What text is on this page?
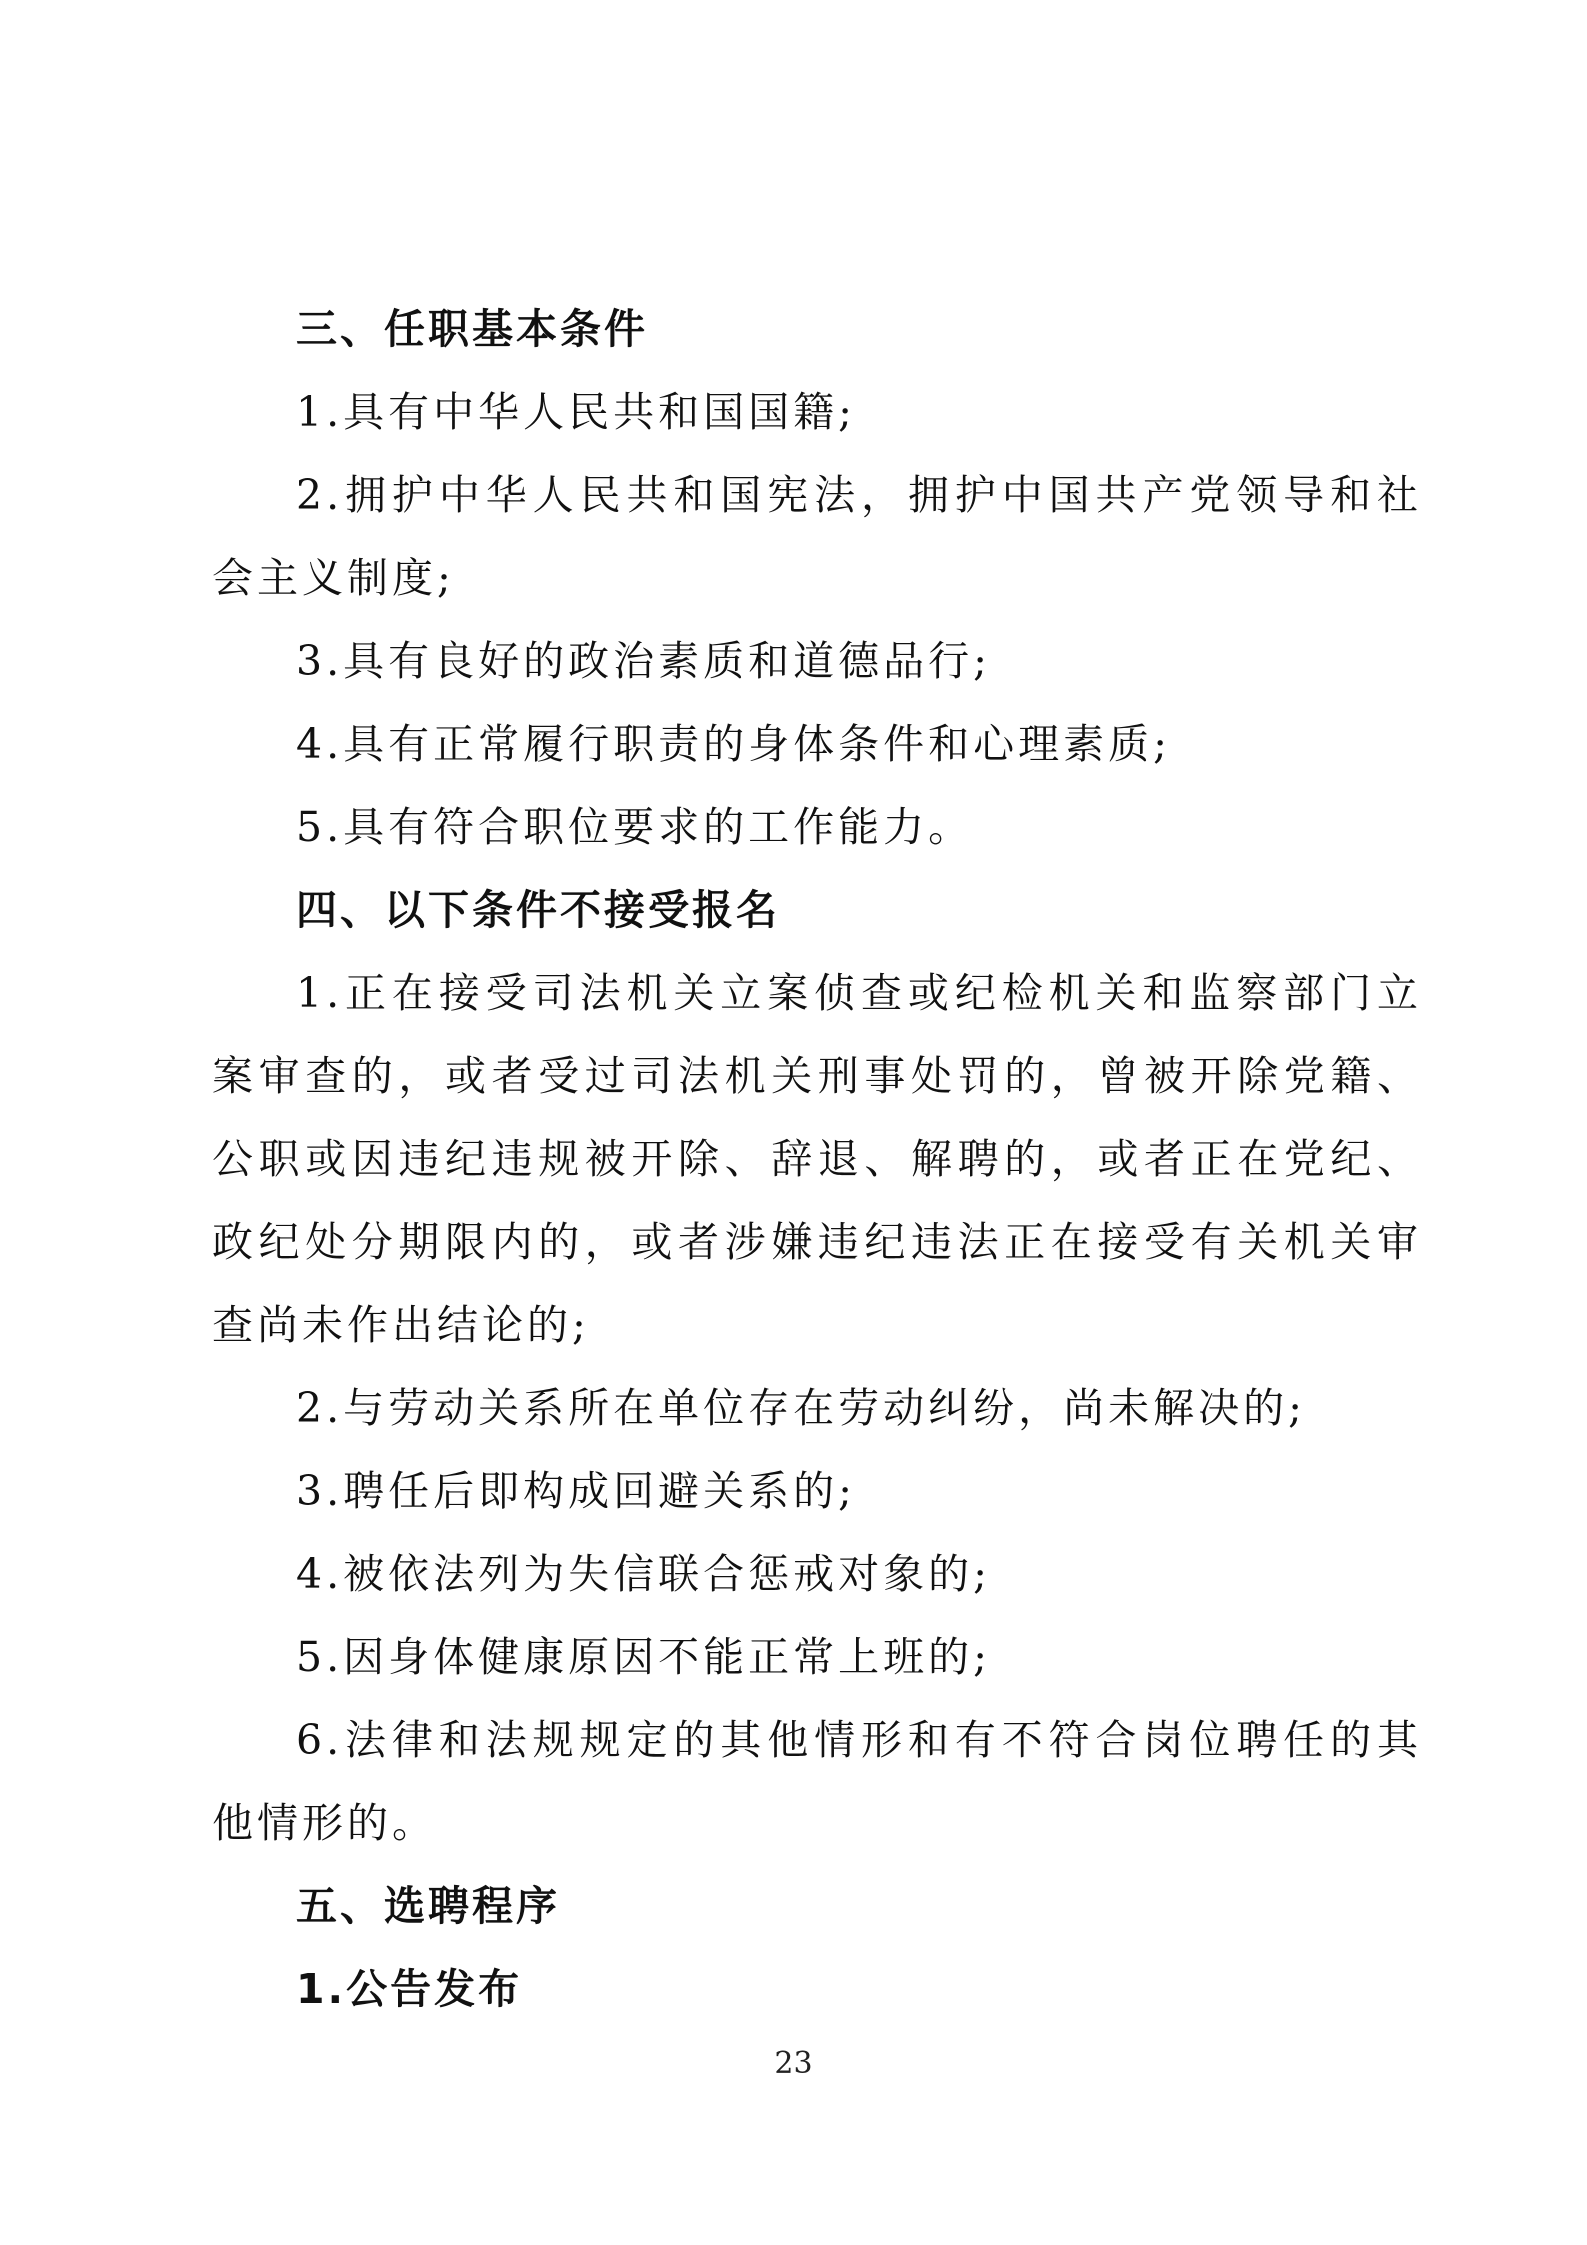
三、任职基本条件

1.具有中华人民共和国国籍;

2.拥护中华人民共和国宪法，拥护中国共产党领导和社会主义制度;

3.具有良好的政治素质和道德品行;

4.具有正常履行职责的身体条件和心理素质;

5.具有符合职位要求的工作能力。

四、以下条件不接受报名

1.正在接受司法机关立案侦查或纪检机关和监察部门立案审查的，或者受过司法机关刑事处罚的，曾被开除党籍、公职或因违纪违规被开除、辞退、解聘的，或者正在党纪、政纪处分期限内的，或者涉嫌违纪违法正在接受有关机关审查尚未作出结论的;

2.与劳动关系所在单位存在劳动纠纷，尚未解决的;

3.聘任后即构成回避关系的;

4.被依法列为失信联合惩戒对象的;

5.因身体健康原因不能正常上班的;

6.法律和法规规定的其他情形和有不符合岗位聘任的其他情形的。

五、选聘程序

1.公告发布

23
